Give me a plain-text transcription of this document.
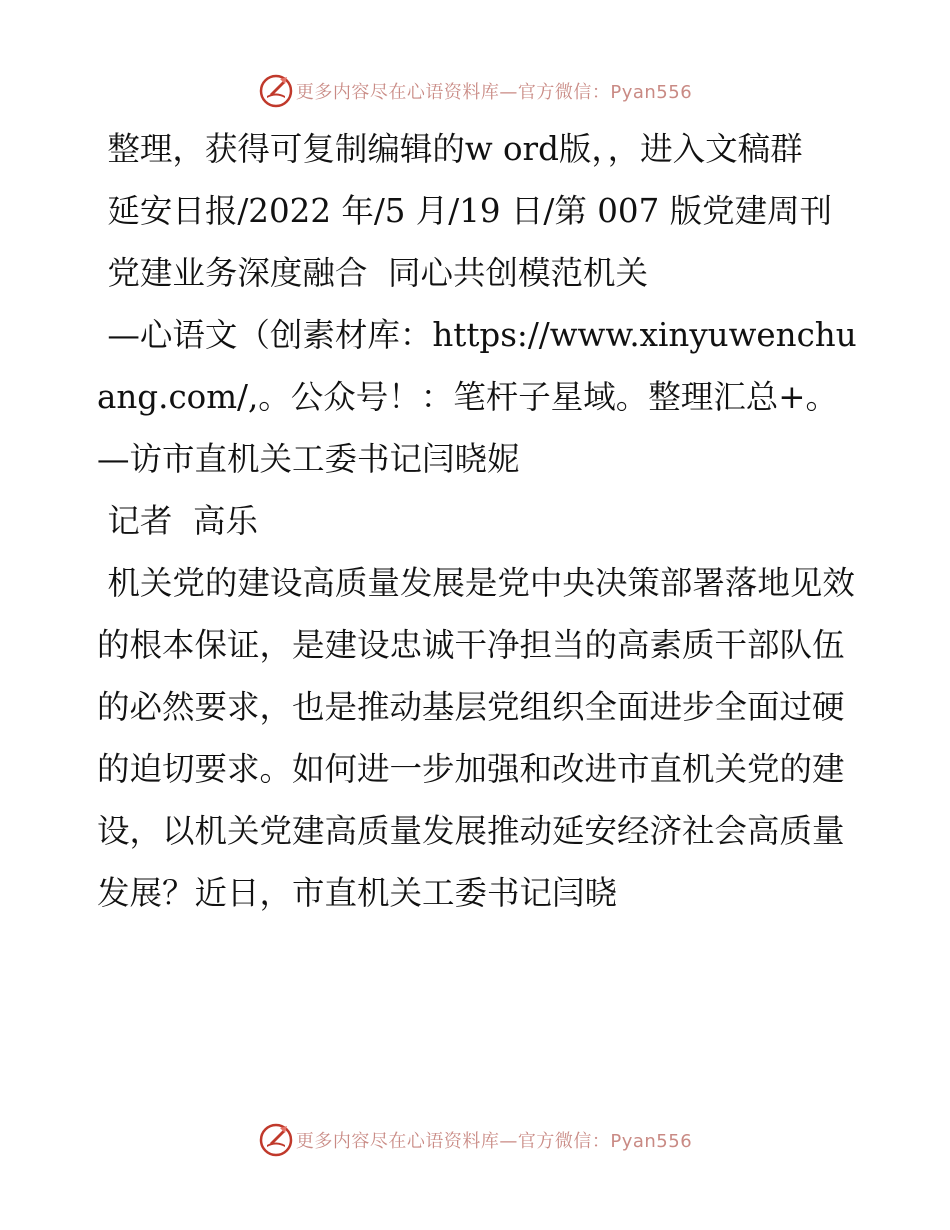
更多内容尽在心语资料库—官方微信：Pyan556

整理，获得可复制编辑的w ord版，，进入文稿群

延安日报/2022 年/5 月/19 日/第 007 版党建周刊

党建业务深度融合  同心共创模范机关

—心语文（创素材库：https://www.xinyuwenchuang.com/,。公众号！：笔杆子星域。整理汇总+。—访市直机关工委书记闫晓妮

记者  高乐

机关党的建设高质量发展是党中央决策部署落地见效的根本保证，是建设忠诚干净担当的高素质干部队伍的必然要求，也是推动基层党组织全面进步全面过硬的迫切要求。如何进一步加强和改进市直机关党的建设，以机关党建高质量发展推动延安经济社会高质量发展？近日，市直机关工委书记闫晓

更多内容尽在心语资料库—官方微信：Pyan556
